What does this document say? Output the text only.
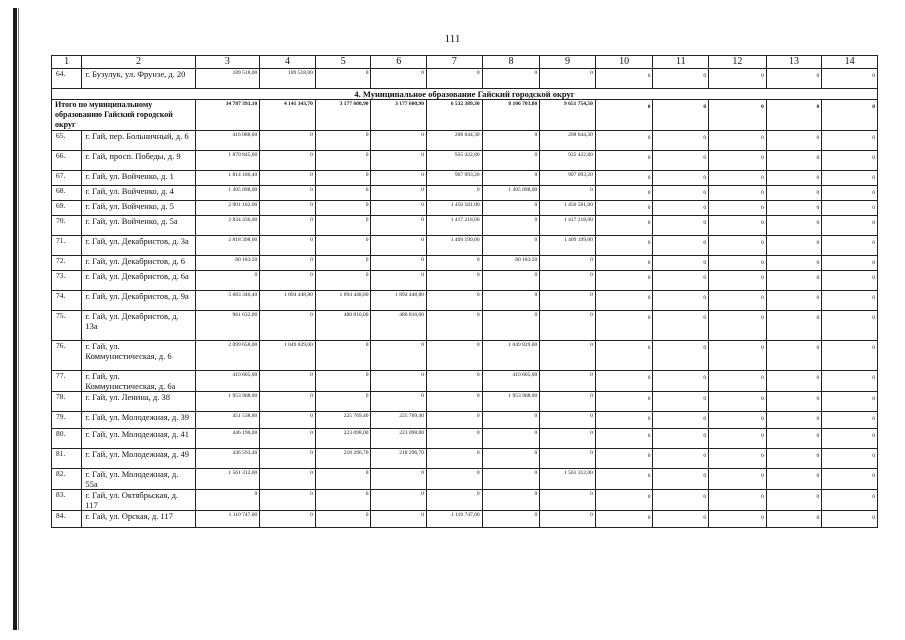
111
1	2	3	4	5	6	7	8	9	10	11	12	13	14
64.	г. Бузулук, ул. Фрунзе, д. 20	189 518,00	189 518,00	0	0	0	0	0	0	0	0	0	0
4. Муниципальное образование Гайский городской округ													
Итого по муниципальному образованию Гайский городской округ		34 787 393,10	4 141 343,70	3 177 600,90	3 177 600,90	6 532 389,30	8 106 703,80	9 651 754,50	0	0	0	0	0
65.	г. Гай, пер. Больничный, д. 6	416 088,60	0	0	0	208 044,30	0	208 044,30	0	0	0	0	0
66.	г. Гай, просп. Победы, д. 9	1 870 845,60	0	0	0	935 422,80	0	935 422,80	0	0	0	0	0
67.	г. Гай, ул. Войченко, д. 1	1 814 186,40	0	0	0	907 093,20	0	907 093,20	0	0	0	0	0
68.	г. Гай, ул. Войченко, д. 4	1 495 098,00	0	0	0	0	1 495 098,00	0	0	0	0	0	0
69.	г. Гай, ул. Войченко, д. 5	2 901 162,00	0	0	0	1 450 581,00	0	1 450 581,00	0	0	0	0	0
70.	г. Гай, ул. Войченко, д. 5а	2 834 436,00	0	0	0	1 417 218,00	0	1 417 218,00	0	0	0	0	0
71.	г. Гай, ул. Декабристов, д. 3а	2 818 398,00	0	0	0	1 409 199,00	0	1 409 199,00	0	0	0	0	0
72.	г. Гай, ул. Декабристов, д. 6	80 183,50	0	0	0	0	80 183,50	0	0	0	0	0	0
73.	г. Гай, ул. Декабристов, д. 6а	0	0	0	0	0	0	0	0	0	0	0	0
74.	г. Гай, ул. Декабристов, д. 9а	5 683 346,40	1 894 448,80	1 894 448,80	1 894 448,80	0	0	0	0	0	0	0	0
75.	г. Гай, ул. Декабристов, д. 13а	961 632,00	0	480 816,00	480 816,00	0	0	0	0	0	0	0	0
76.	г. Гай, ул. Коммунистическая, д. 6	2 099 658,00	1 049 829,00	0	0	0	1 049 829,00	0	0	0	0	0	0
77.	г. Гай, ул. Коммунистическая, д. 6а	410 605,00	0	0	0	0	410 605,00	0	0	0	0	0	0
78.	г. Гай, ул. Ленина, д. 38	1 953 968,00	0	0	0	0	1 953 968,00	0	0	0	0	0	0
79.	г. Гай, ул. Молодежная, д. 39	451 538,80	0	225 769,40	225 769,40	0	0	0	0	0	0	0	0
80.	г. Гай, ул. Молодежная, д. 41	446 196,00	0	223 098,00	223 098,00	0	0	0	0	0	0	0	0
81.	г. Гай, ул. Молодежная, д. 49	436 593,40	0	218 296,70	218 296,70	0	0	0	0	0	0	0	0
82.	г. Гай, ул. Молодежная, д. 55а	1 561 312,00	0	0	0	0	0	1 561 312,00	0	0	0	0	0
83.	г. Гай, ул. Октябрьская, д. 117	0	0	0	0	0	0	0	0	0	0	0	0
84.	г. Гай, ул. Орская, д. 117	1 110 747,00	0	0	0	1 110 747,00	0	0	0	0	0	0	0
